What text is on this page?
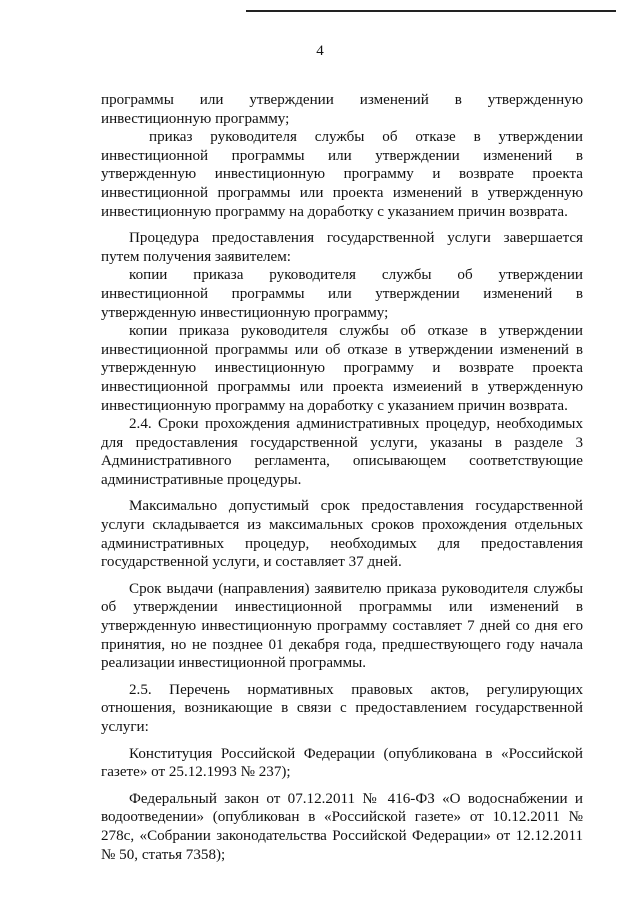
4

программы или утверждении изменений в утвержденную инвестиционную программу;

приказ руководителя службы об отказе в утверждении инвестиционной программы или утверждении изменений в утвержденную инвестиционную программу и возврате проекта инвестиционной программы или проекта изменений в утвержденную инвестиционную программу на доработку с указанием причин возврата.

Процедура предоставления государственной услуги завершается путем получения заявителем:

копии приказа руководителя службы об утверждении инвестиционной программы или утверждении изменений в утвержденную инвестиционную программу;

копии приказа руководителя службы об отказе в утверждении инвестиционной программы или об отказе в утверждении изменений в утвержденную инвестиционную программу и возврате проекта инвестиционной программы или проекта измеиений в утвержденную инвестиционную программу на доработку с указанием причин возврата.

2.4. Сроки прохождения административных процедур, необходимых для предоставления государственной услуги, указаны в разделе 3 Административного регламента, описывающем соответствующие административные процедуры.

Максимально допустимый срок предоставления государственной услуги складывается из максимальных сроков прохождения отдельных административных процедур, необходимых для предоставления государственной услуги, и составляет 37 дней.

Срок выдачи (направления) заявителю приказа руководителя службы об утверждении инвестиционной программы или изменений в утвержденную инвестиционную программу составляет 7 дней со дня его принятия, но не позднее 01 декабря года, предшествующего году начала реализации инвестиционной программы.

2.5. Перечень нормативных правовых актов, регулирующих отношения, возникающие в связи с предоставлением государственной услуги:

Конституция Российской Федерации (опубликована в «Российской газете» от 25.12.1993 № 237);

Федеральный закон от 07.12.2011 № 416-ФЗ «О водоснабжении и водоотведении» (опубликован в «Российской газете» от 10.12.2011 № 278с, «Собрании законодательства Российской Федерации» от 12.12.2011 № 50, статья 7358);
